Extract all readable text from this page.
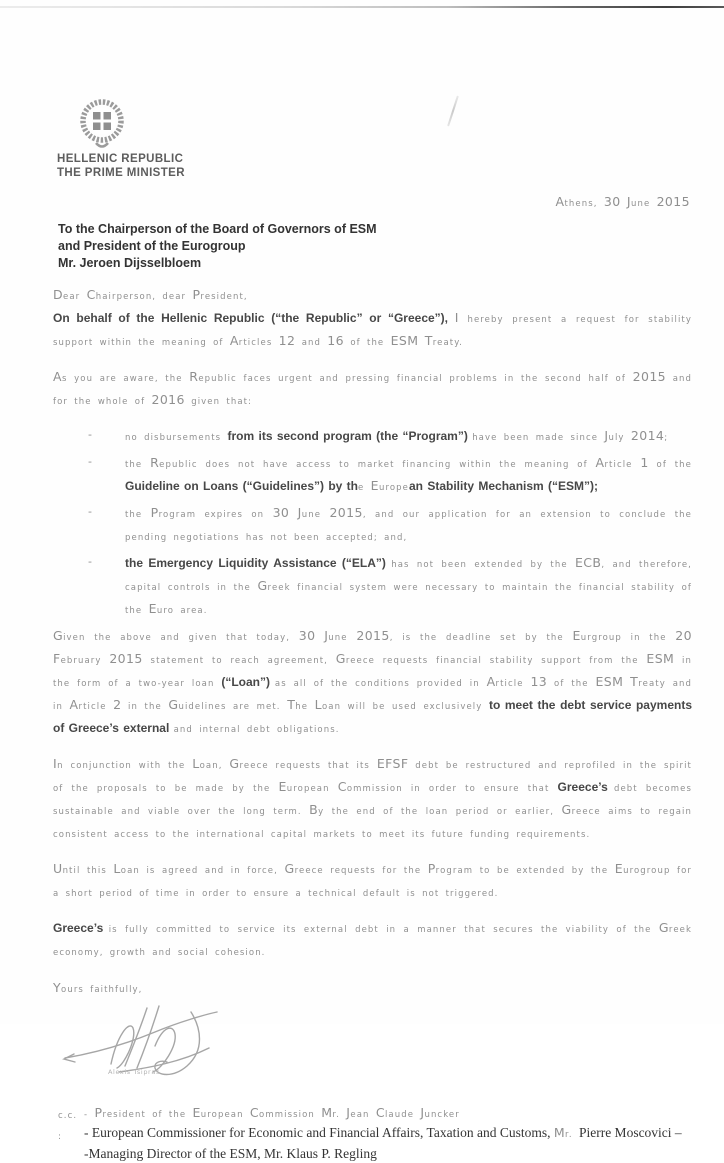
HELLENIC REPUBLIC
THE PRIME MINISTER
Athens, 30 June 2015
To the Chairperson of the Board of Governors of ESM
and President of the Eurogroup
Mr. Jeroen Dijsselbloem
Dear Chairperson, dear President,
On behalf of the Hellenic Republic (“the Republic” or “Greece”), I hereby present a request for stability support within the meaning of Articles 12 and 16 of the ESM Treaty.
As you are aware, the Republic faces urgent and pressing financial problems in the second half of 2015 and for the whole of 2016 given that:
-	no disbursements from its second program (the “Program”) have been made since July 2014;
-	the Republic does not have access to market financing within the meaning of Article 1 of the Guideline on Loans (“Guidelines”) by the European Stability Mechanism (“ESM”);
-	the Program expires on 30 June 2015, and our application for an extension to conclude the pending negotiations has not been accepted; and,
-	the Emergency Liquidity Assistance (“ELA”) has not been extended by the ECB, and therefore, capital controls in the Greek financial system were necessary to maintain the financial stability of the Euro area.
Given the above and given that today, 30 June 2015, is the deadline set by the Eurgroup in the 20 February 2015 statement to reach agreement, Greece requests financial stability support from the ESM in the form of a two-year loan (“Loan”) as all of the conditions provided in Article 13 of the ESM Treaty and in Article 2 in the Guidelines are met. The Loan will be used exclusively to meet the debt service payments of Greece’s external and internal debt obligations.
In conjunction with the Loan, Greece requests that its EFSF debt be restructured and reprofiled in the spirit of the proposals to be made by the European Commission in order to ensure that Greece’s debt becomes sustainable and viable over the long term. By the end of the loan period or earlier, Greece aims to regain consistent access to the international capital markets to meet its future funding requirements.
Until this Loan is agreed and in force, Greece requests for the Program to be extended by the Eurogroup for a short period of time in order to ensure a technical default is not triggered.
Greece’s is fully committed to service its external debt in a manner that secures the viability of the Greek economy, growth and social cohesion.
Yours faithfully,
Alexis Tsipras
c.c. :
- President of the European Commission Mr. Jean Claude Juncker
- European Commissioner for Economic and Financial Affairs, Taxation and Customs, Mr. Pierre Moscovici –
-Managing Director of the ESM, Mr. Klaus P. Regling
